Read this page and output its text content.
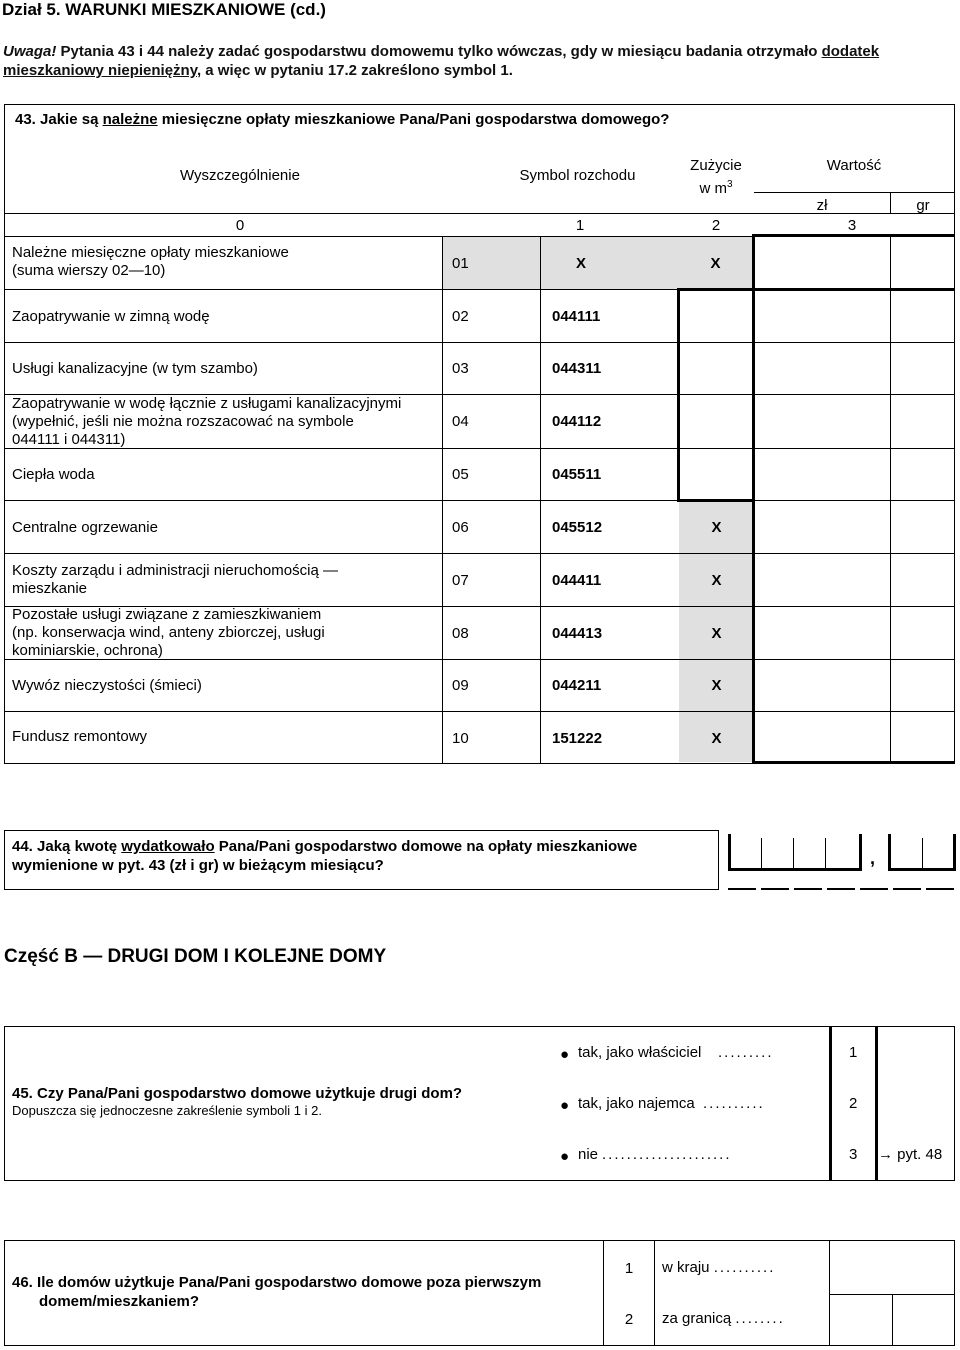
Dział 5. WARUNKI MIESZKANIOWE (cd.)
Uwaga! Pytania 43 i 44 należy zadać gospodarstwu domowemu tylko wówczas, gdy w miesiącu badania otrzymało dodatek mieszkaniowy niepieniężny, a więc w pytaniu 17.2 zakreślono symbol 1.
43. Jakie są należne miesięczne opłaty mieszkaniowe Pana/Pani gospodarstwa domowego?
Wyszczególnienie	Symbol rozchodu
Zużycie
w $m^3$
Wartość
zł	gr
0	1	2	3
Należne miesięczne opłaty mieszkaniowe
(suma wierszy 02—10)	01	X	X
Zaopatrywanie w zimną wodę	02	044111
Usługi kanalizacyjne (w tym szambo)	03	044311
Zaopatrywanie w wodę łącznie z usługami kanalizacyjnymi
(wypełnić, jeśli nie można rozszacować na symbole
044111 i 044311)
04	044112
Ciepła woda	05	045511
Centralne ogrzewanie	06	045512	X
Koszty zarządu i administracji nieruchomością —
mieszkanie	07	044411	X
Pozostałe usługi związane z zamieszkiwaniem
(np. konserwacja wind, anteny zbiorczej, usługi
kominiarskie, ochrona)
08	044413	X
Wywóz nieczystości (śmieci)	09	044211	X
Fundusz remontowy	10	151222	X
44. Jaką kwotę wydatkowało Pana/Pani gospodarstwo domowe na opłaty mieszkaniowe
wymienione w pyt. 43 (zł i gr) w bieżącym miesiącu?	,
Część B — DRUGI DOM I KOLEJNE DOMY
45. Czy Pana/Pani gospodarstwo domowe użytkuje drugi dom?
Dopuszcza się jednoczesne zakreślenie symboli 1 i 2.
● tak, jako właściciel .........	1
● tak, jako najemca ..........	2
● nie .....................	3 → pyt. 48
46. Ile domów użytkuje Pana/Pani gospodarstwo domowe poza pierwszym
domem/mieszkaniem?
1	w kraju ..........
2	za granicą ........
